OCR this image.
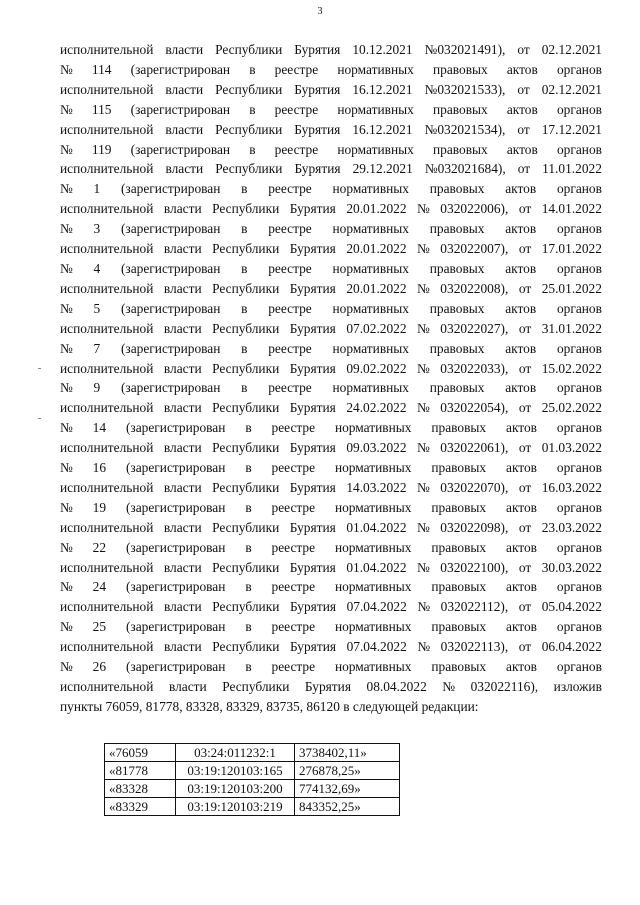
3
исполнительной власти Республики Бурятия 10.12.2021 №032021491), от 02.12.2021
№ 114 (зарегистрирован в реестре нормативных правовых актов органов
исполнительной власти Республики Бурятия 16.12.2021 №032021533), от 02.12.2021
№ 115 (зарегистрирован в реестре нормативных правовых актов органов
исполнительной власти Республики Бурятия 16.12.2021 №032021534), от 17.12.2021
№ 119 (зарегистрирован в реестре нормативных правовых актов органов
исполнительной власти Республики Бурятия 29.12.2021 №032021684), от 11.01.2022
№ 1 (зарегистрирован в реестре нормативных правовых актов органов
исполнительной власти Республики Бурятия 20.01.2022 № 032022006), от 14.01.2022
№ 3 (зарегистрирован в реестре нормативных правовых актов органов
исполнительной власти Республики Бурятия 20.01.2022 № 032022007), от 17.01.2022
№ 4 (зарегистрирован в реестре нормативных правовых актов органов
исполнительной власти Республики Бурятия 20.01.2022 № 032022008), от 25.01.2022
№ 5 (зарегистрирован в реестре нормативных правовых актов органов
исполнительной власти Республики Бурятия 07.02.2022 № 032022027), от 31.01.2022
№ 7 (зарегистрирован в реестре нормативных правовых актов органов
исполнительной власти Республики Бурятия 09.02.2022 № 032022033), от 15.02.2022
№ 9 (зарегистрирован в реестре нормативных правовых актов органов
исполнительной власти Республики Бурятия 24.02.2022 № 032022054), от 25.02.2022
№ 14 (зарегистрирован в реестре нормативных правовых актов органов
исполнительной власти Республики Бурятия 09.03.2022 № 032022061), от 01.03.2022
№ 16 (зарегистрирован в реестре нормативных правовых актов органов
исполнительной власти Республики Бурятия 14.03.2022 № 032022070), от 16.03.2022
№ 19 (зарегистрирован в реестре нормативных правовых актов органов
исполнительной власти Республики Бурятия 01.04.2022 № 032022098), от 23.03.2022
№ 22 (зарегистрирован в реестре нормативных правовых актов органов
исполнительной власти Республики Бурятия 01.04.2022 № 032022100), от 30.03.2022
№ 24 (зарегистрирован в реестре нормативных правовых актов органов
исполнительной власти Республики Бурятия 07.04.2022 № 032022112), от 05.04.2022
№ 25 (зарегистрирован в реестре нормативных правовых актов органов
исполнительной власти Республики Бурятия 07.04.2022 № 032022113), от 06.04.2022
№ 26 (зарегистрирован в реестре нормативных правовых актов органов
исполнительной власти Республики Бурятия 08.04.2022 № 032022116), изложив
пункты 76059, 81778, 83328, 83329, 83735, 86120 в следующей редакции:
«76059	03:24:011232:1	3738402,11»
«81778	03:19:120103:165	276878,25»
«83328	03:19:120103:200	774132,69»
«83329	03:19:120103:219	843352,25»
